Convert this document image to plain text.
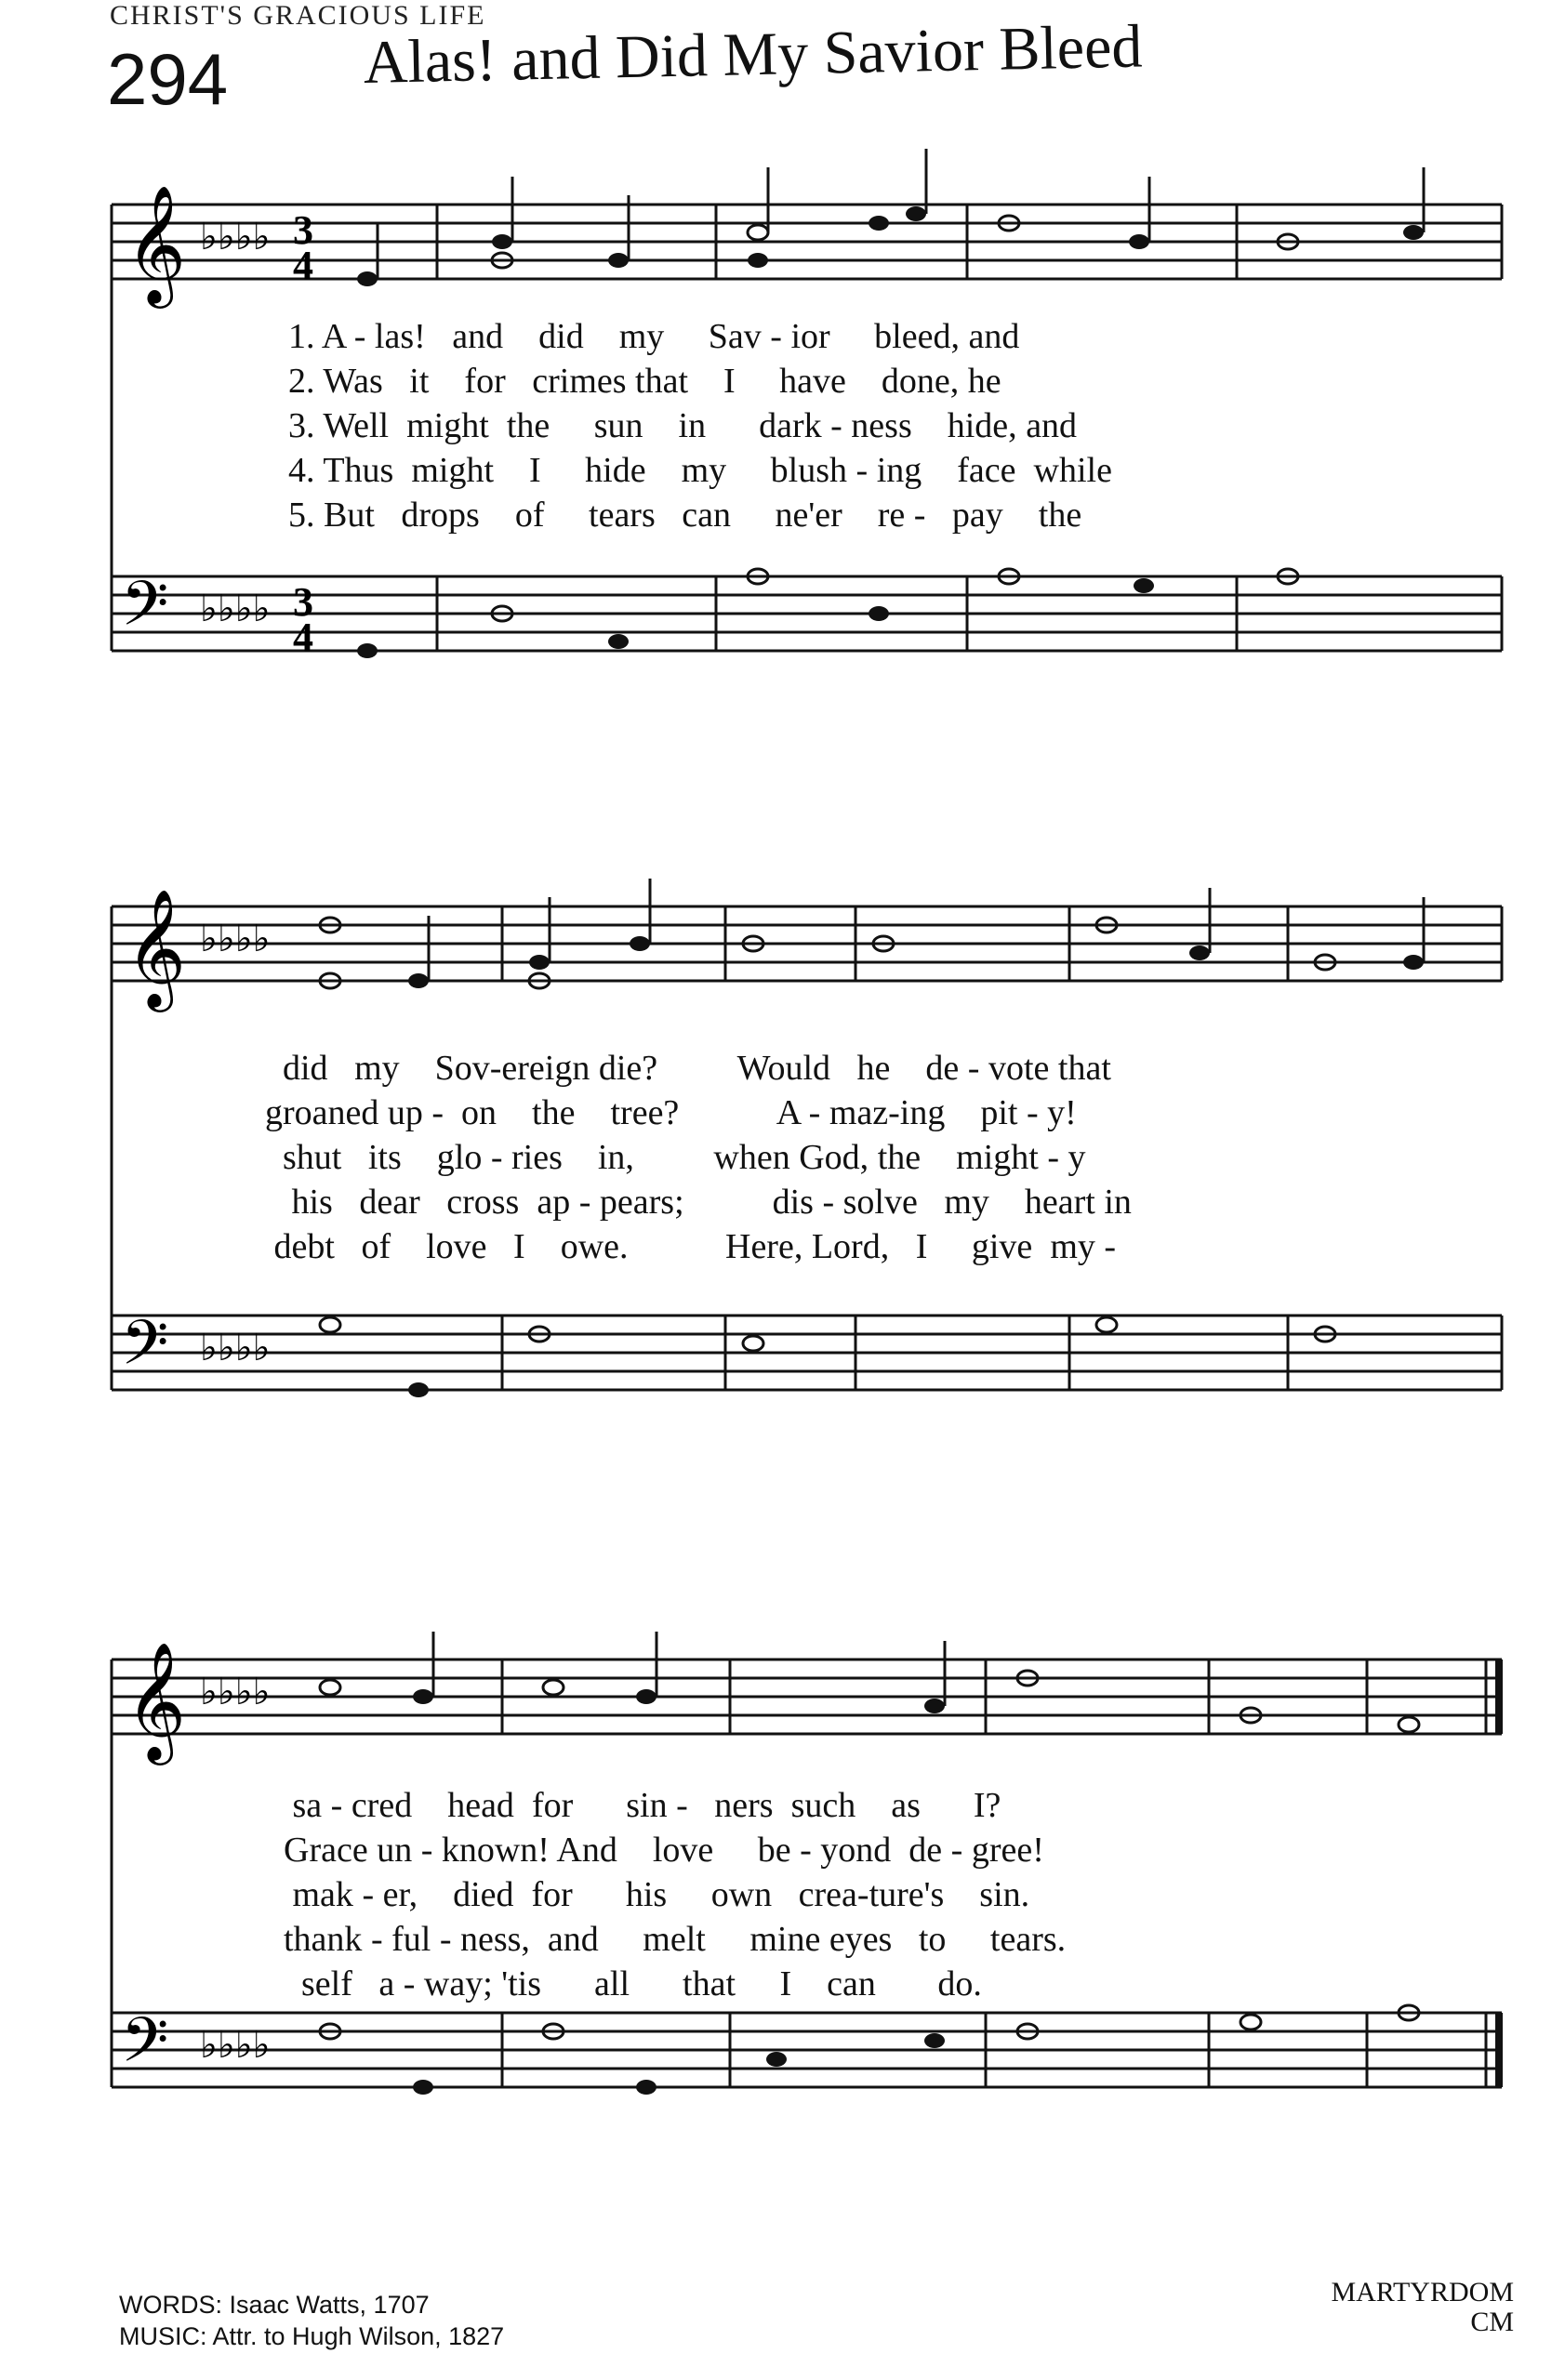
CHRIST'S GRACIOUS LIFE
294 Alas! and Did My Savior Bleed
𝄞
𝄢
♭♭♭♭
♭♭♭♭
3
4
3
4
1. A - las! and did my Sav - ior bleed, and
2. Was it for crimes that I have done, he
3. Well might the sun in dark - ness hide, and
4. Thus might I hide my blush - ing face while
5. But drops of tears can ne'er re - pay the
𝄞
𝄢
♭♭♭♭
♭♭♭♭
did my Sov-ereign die? Would he de - vote that
groaned up - on the tree?	A - maz-ing pit - y!
shut its glo - ries in, when God, the might - y
his dear cross ap - pears;	dis - solve my heart in
debt of love I owe.	Here, Lord, I give my -
𝄞
𝄢
♭♭♭♭
♭♭♭♭
sa - cred head for sin - ners such as I?
Grace un - known! And love be - yond de - gree!
mak - er, died for his own crea-ture's sin.
thank - ful - ness, and melt mine eyes to tears.
self a - way; 'tis all that I can do.
WORDS: Isaac Watts, 1707
MUSIC: Attr. to Hugh Wilson, 1827
MARTYRDOM
CM
